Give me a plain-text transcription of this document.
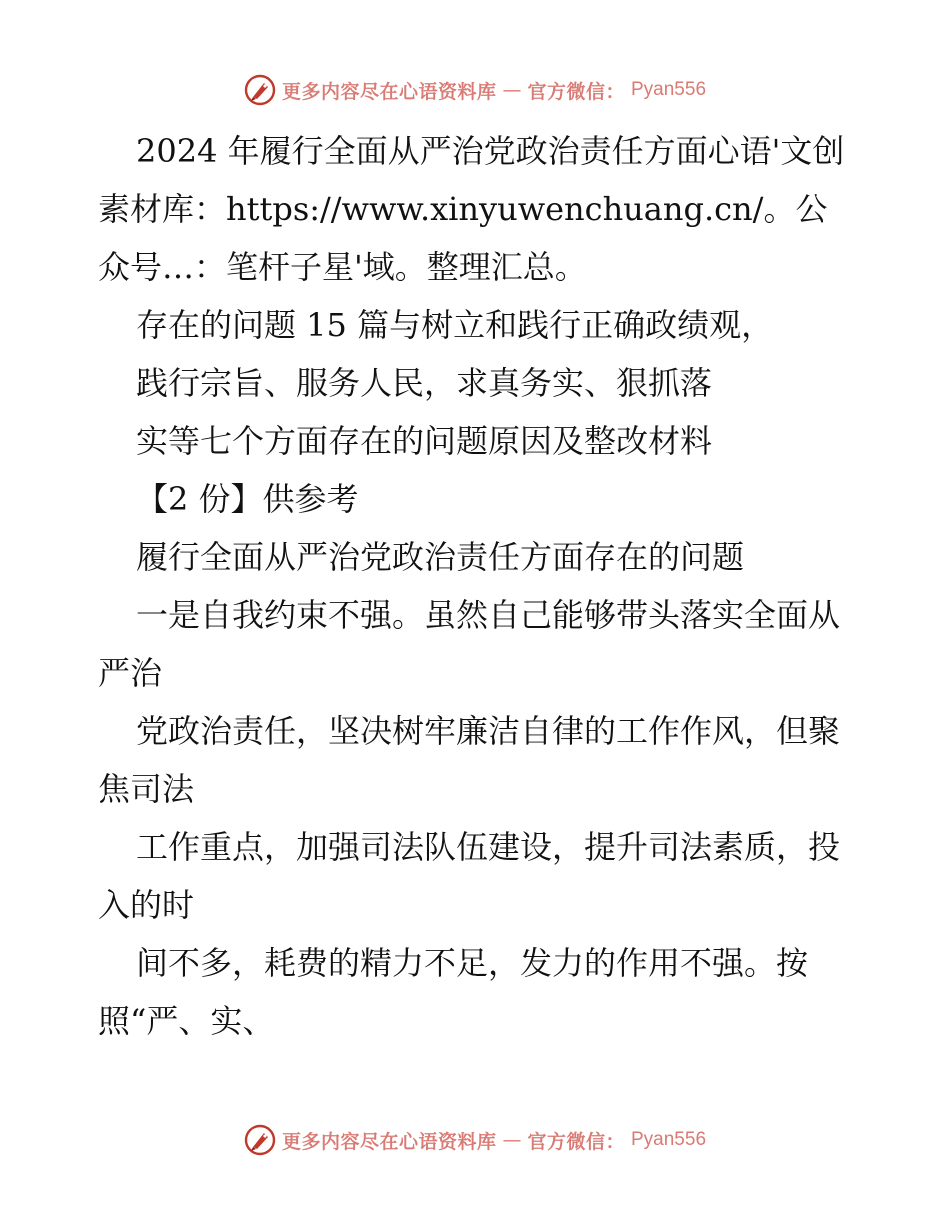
更多内容尽在心语资料库 — 官方微信： Pyan556

2024 年履行全面从严治党政治责任方面心语'文创素材库：https://www.xinyuwenchuang.cn/。公众号…：笔杆子星'域。整理汇总。

存在的问题 15 篇与树立和践行正确政绩观，

践行宗旨、服务人民，求真务实、狠抓落

实等七个方面存在的问题原因及整改材料

【2 份】供参考

履行全面从严治党政治责任方面存在的问题

一是自我约束不强。虽然自己能够带头落实全面从严治

党政治责任，坚决树牢廉洁自律的工作作风，但聚焦司法

工作重点，加强司法队伍建设，提升司法素质，投入的时

间不多，耗费的精力不足，发力的作用不强。按照“严、实、

更多内容尽在心语资料库 — 官方微信： Pyan556
